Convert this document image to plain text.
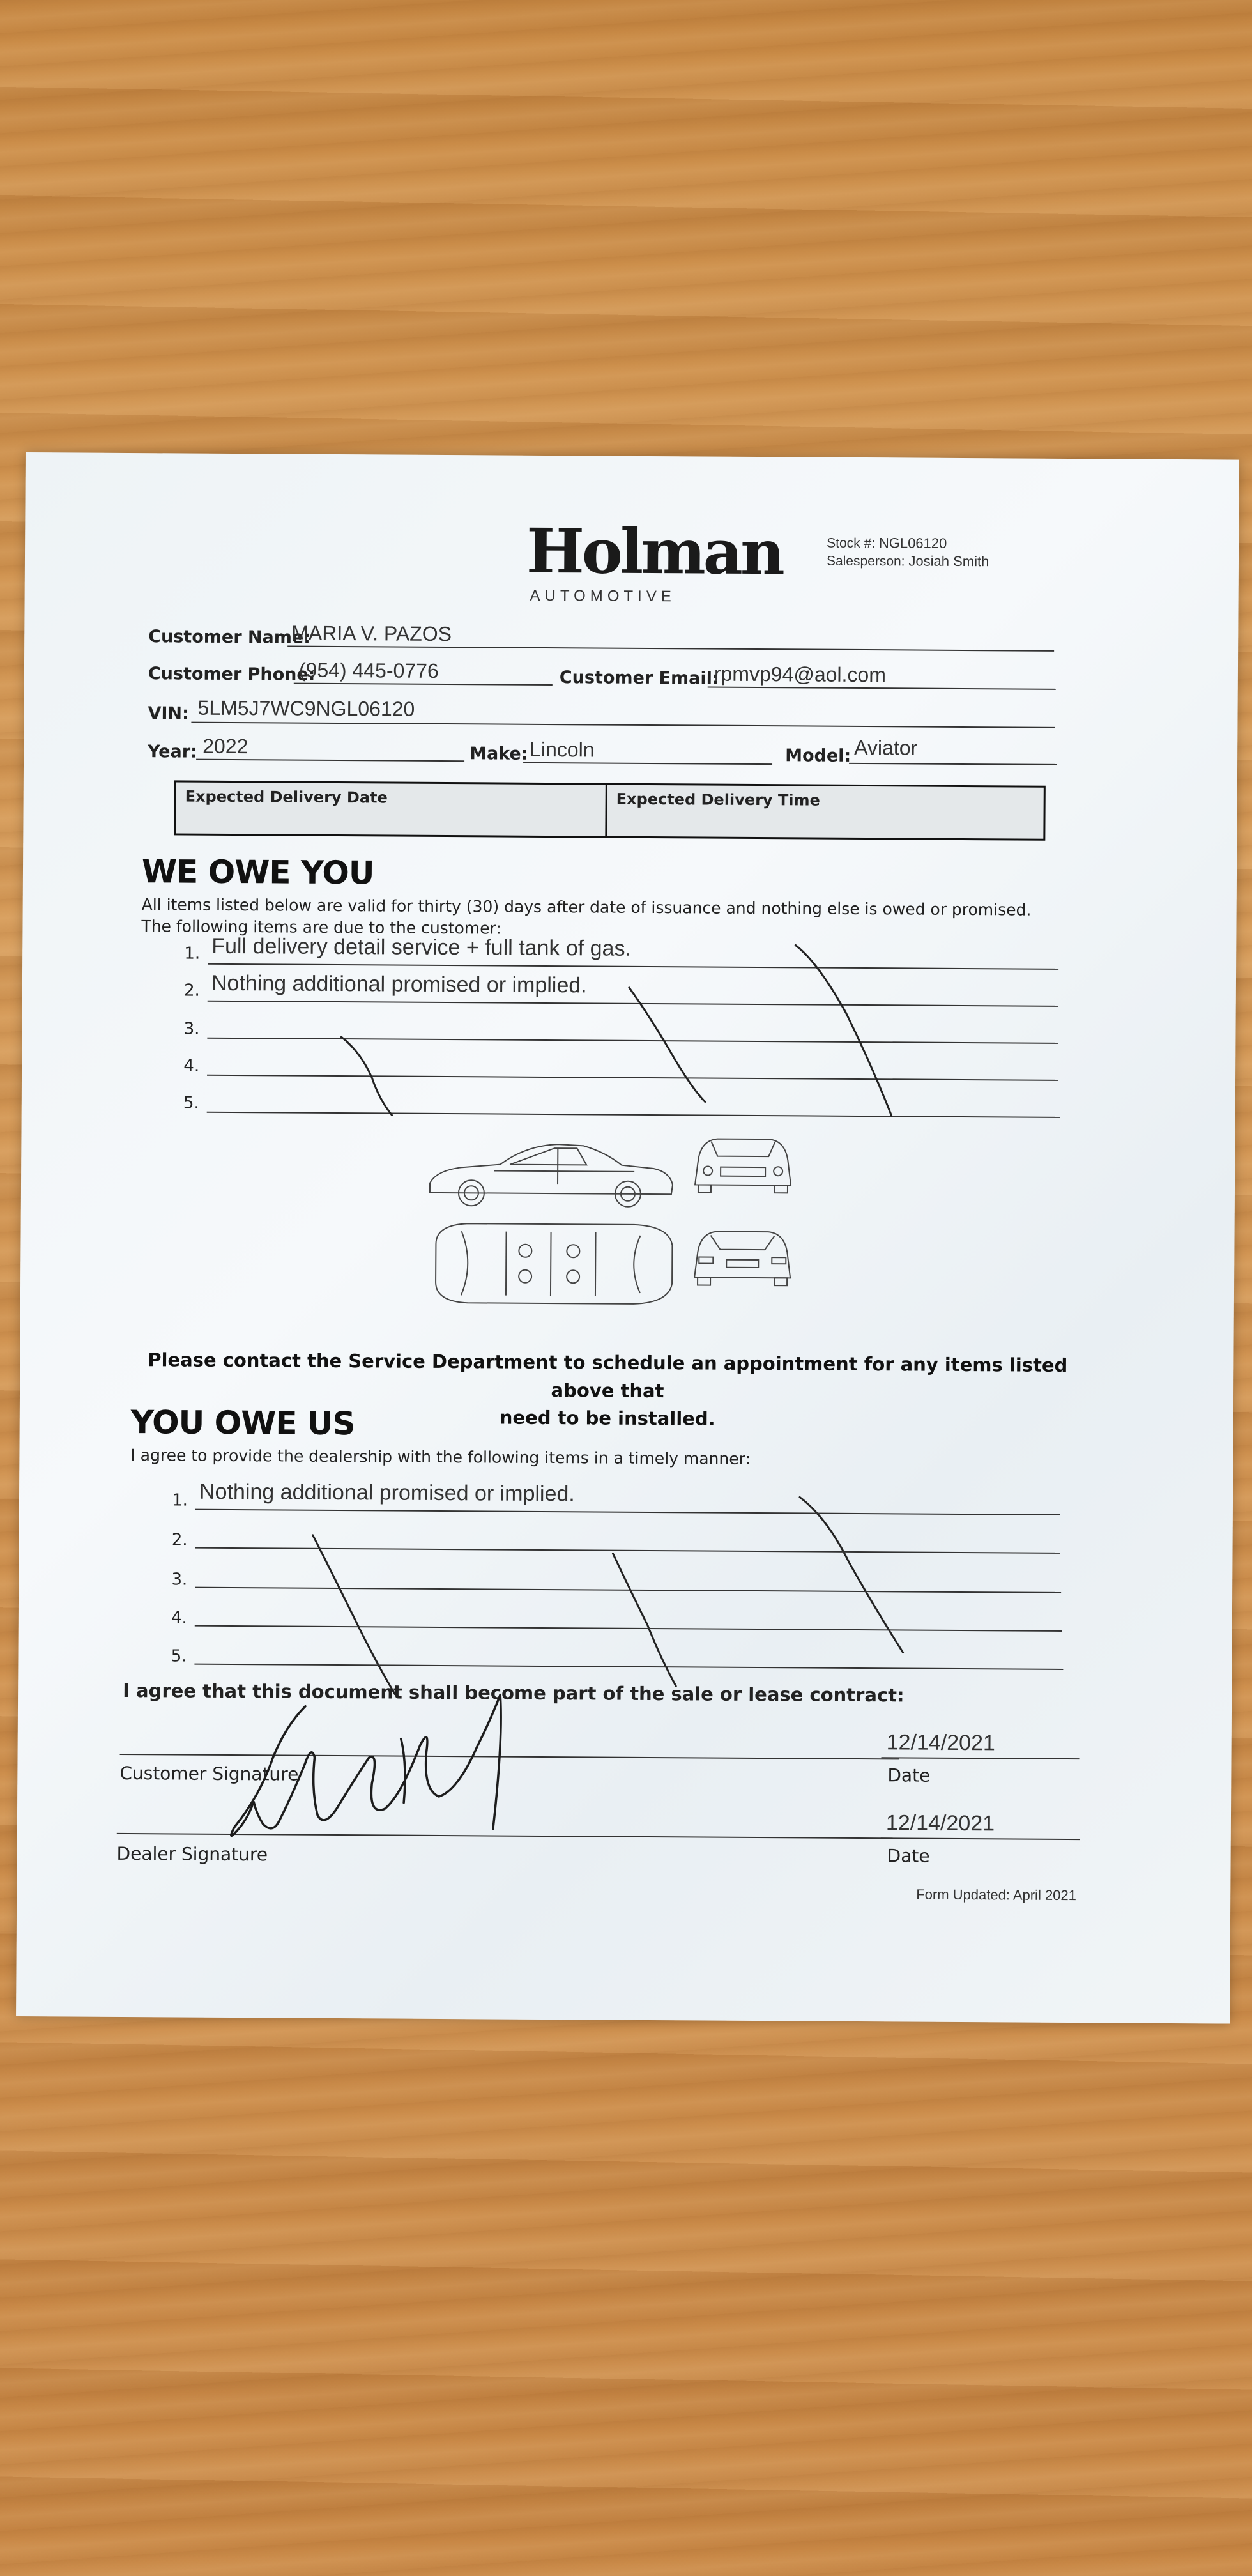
Holman
AUTOMOTIVE
Stock #: NGL06120
Salesperson: Josiah Smith
Customer Name:
MARIA V. PAZOS
Customer Phone:
(954) 445-0776	Customer Email:
rpmvp94@aol.com
VIN: 5LM5J7WC9NGL06120
Year: 2022	Make: Lincoln	Model: Aviator
Expected Delivery Date	Expected Delivery Time
WE OWE YOU
All items listed below are valid for thirty (30) days after date of issuance and nothing else is owed or promised.
The following items are due to the customer:
1. Full delivery detail service + full tank of gas.
2. Nothing additional promised or implied.
3.
4.
5.
Please contact the Service Department to schedule an appointment for any items listed above that
need to be installed.
YOU OWE US
I agree to provide the dealership with the following items in a timely manner:
1. Nothing additional promised or implied.
2.
3.
4.
5.
I agree that this document shall become part of the sale or lease contract:
Customer Signature
12/14/2021
Date
Dealer Signature
12/14/2021
Date
Form Updated: April 2021
